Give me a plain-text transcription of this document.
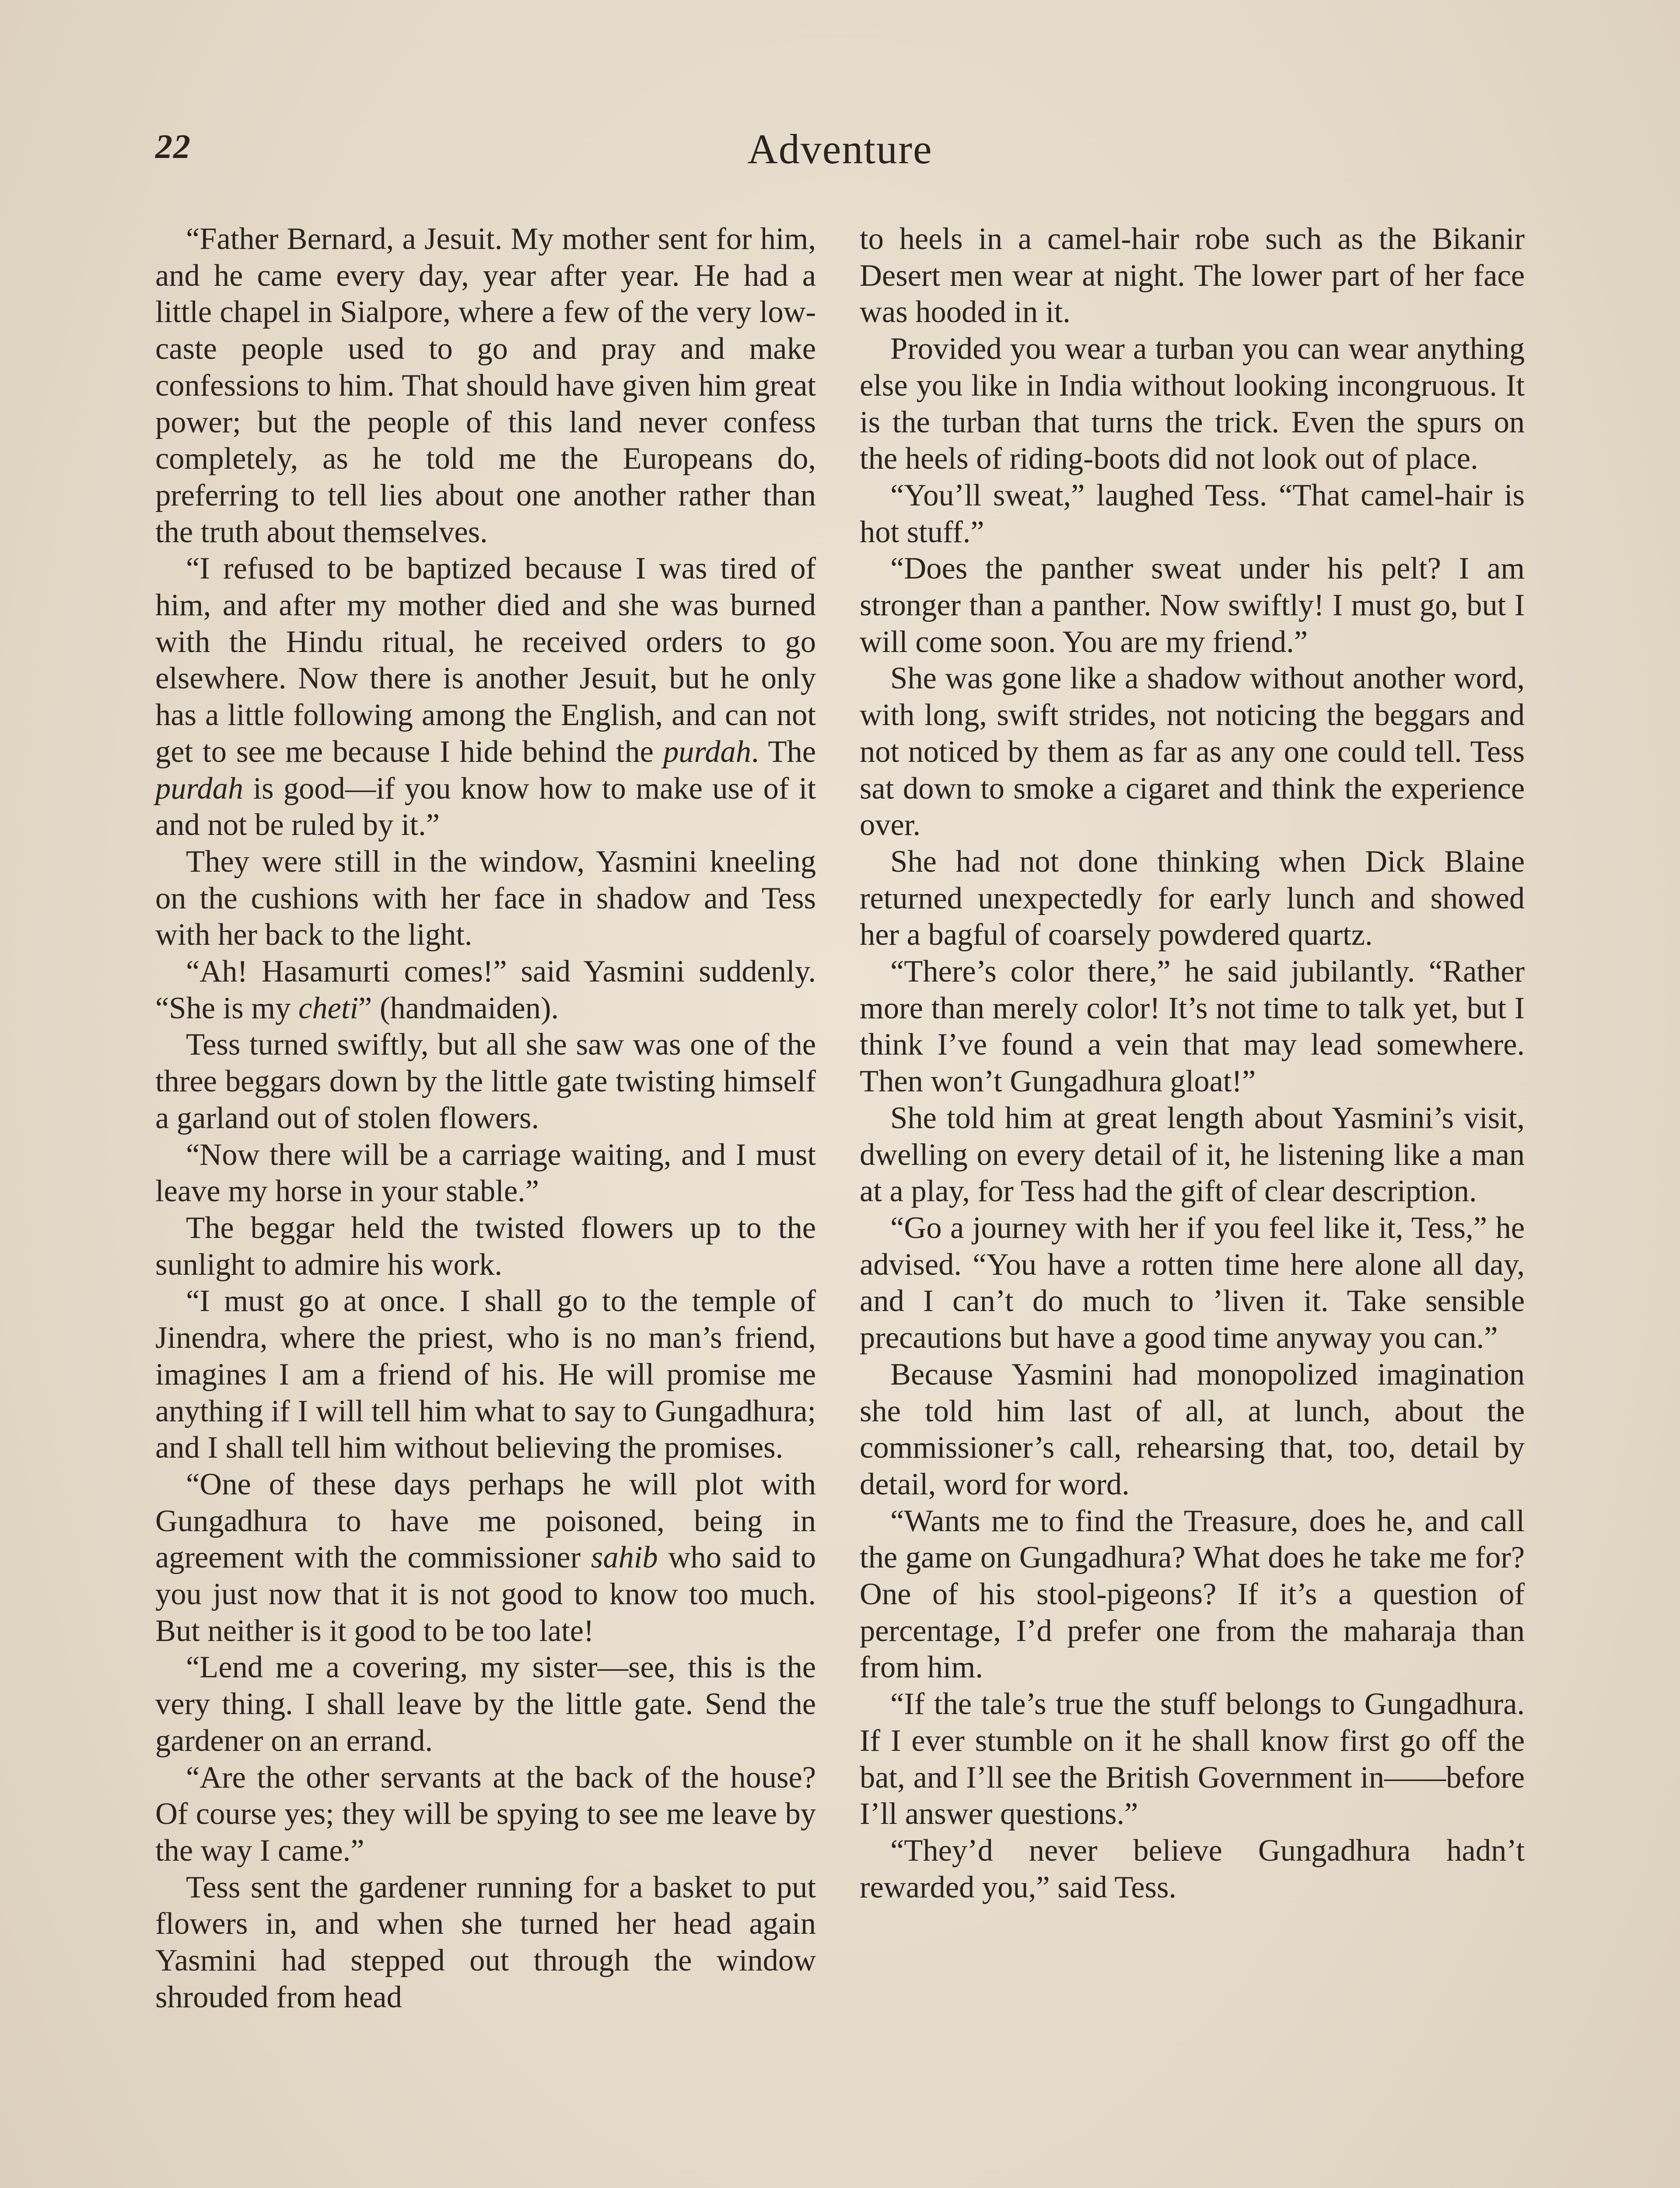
22	Adventure

“Father Bernard, a Jesuit. My mother sent for him, and he came every day, year after year. He had a little chapel in Sialpore, where a few of the very low-caste people used to go and pray and make confessions to him. That should have given him great power; but the people of this land never confess completely, as he told me the Europeans do, preferring to tell lies about one another rather than the truth about themselves.

“I refused to be baptized because I was tired of him, and after my mother died and she was burned with the Hindu ritual, he received orders to go elsewhere. Now there is another Jesuit, but he only has a little following among the English, and can not get to see me because I hide behind the purdah. The purdah is good—if you know how to make use of it and not be ruled by it.”

They were still in the window, Yasmini kneeling on the cushions with her face in shadow and Tess with her back to the light.

“Ah! Hasamurti comes!” said Yasmini suddenly. “She is my cheti” (handmaiden).

Tess turned swiftly, but all she saw was one of the three beggars down by the little gate twisting himself a garland out of stolen flowers.

“Now there will be a carriage waiting, and I must leave my horse in your stable.”

The beggar held the twisted flowers up to the sunlight to admire his work.

“I must go at once. I shall go to the temple of Jinendra, where the priest, who is no man’s friend, imagines I am a friend of his. He will promise me anything if I will tell him what to say to Gungadhura; and I shall tell him without believing the promises.

“One of these days perhaps he will plot with Gungadhura to have me poisoned, being in agreement with the commissioner sahib who said to you just now that it is not good to know too much. But neither is it good to be too late!

“Lend me a covering, my sister—see, this is the very thing. I shall leave by the little gate. Send the gardener on an errand.

“Are the other servants at the back of the house? Of course yes; they will be spying to see me leave by the way I came.”

Tess sent the gardener running for a basket to put flowers in, and when she turned her head again Yasmini had stepped out through the window shrouded from head

to heels in a camel-hair robe such as the Bikanir Desert men wear at night. The lower part of her face was hooded in it.

Provided you wear a turban you can wear anything else you like in India without looking incongruous. It is the turban that turns the trick. Even the spurs on the heels of riding-boots did not look out of place.

“You’ll sweat,” laughed Tess. “That camel-hair is hot stuff.”

“Does the panther sweat under his pelt? I am stronger than a panther. Now swiftly! I must go, but I will come soon. You are my friend.”

She was gone like a shadow without another word, with long, swift strides, not noticing the beggars and not noticed by them as far as any one could tell. Tess sat down to smoke a cigaret and think the experience over.

She had not done thinking when Dick Blaine returned unexpectedly for early lunch and showed her a bagful of coarsely powdered quartz.

“There’s color there,” he said jubilantly. “Rather more than merely color! It’s not time to talk yet, but I think I’ve found a vein that may lead somewhere. Then won’t Gungadhura gloat!”

She told him at great length about Yasmini’s visit, dwelling on every detail of it, he listening like a man at a play, for Tess had the gift of clear description.

“Go a journey with her if you feel like it, Tess,” he advised. “You have a rotten time here alone all day, and I can’t do much to ’liven it. Take sensible precautions but have a good time anyway you can.”

Because Yasmini had monopolized imagination she told him last of all, at lunch, about the commissioner’s call, rehearsing that, too, detail by detail, word for word.

“Wants me to find the Treasure, does he, and call the game on Gungadhura? What does he take me for? One of his stool-pigeons? If it’s a question of percentage, I’d prefer one from the maharaja than from him.

“If the tale’s true the stuff belongs to Gungadhura. If I ever stumble on it he shall know first go off the bat, and I’ll see the British Government in——before I’ll answer questions.”

“They’d never believe Gungadhura hadn’t rewarded you,” said Tess.
